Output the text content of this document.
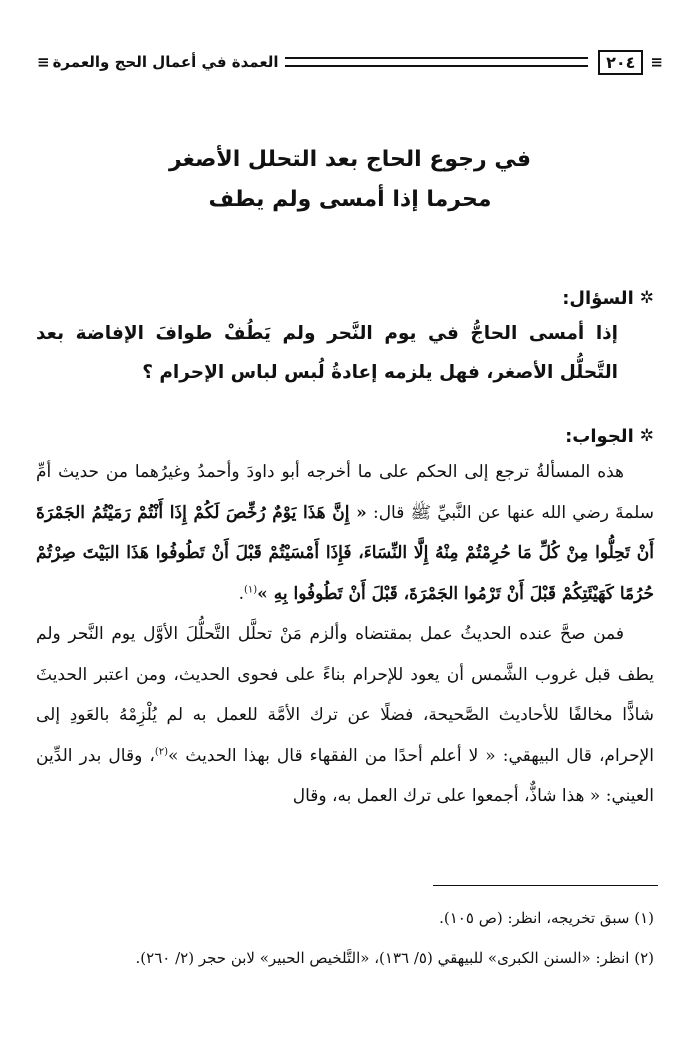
≡
٢٠٤
العمدة في أعمال الحج والعمرة
≡
في رجوع الحاج بعد التحلل الأصغر
محرما إذا أمسى ولم يطف
✲
السؤال:
إذا أمسى الحاجُّ في يوم النَّحر ولم يَطُفْ طوافَ الإفاضة بعد التَّحلُّل الأصغر، فهل يلزمه إعادةُ لُبس لباس الإحرام ؟
✲
الجواب:

هذه المسألةُ ترجع إلى الحكم على ما أخرجه أبو داودَ وأحمدُ وغيرُهما من حديث أمِّ سلمةَ رضي الله عنها عن النَّبيِّ ﷺ قال: « إِنَّ هَذَا يَوْمٌ رُخِّصَ لَكُمْ إِذَا أَنْتُمْ رَمَيْتُمُ الجَمْرَةَ أَنْ تَحِلُّوا مِنْ كُلِّ مَا حُرِمْتُمْ مِنْهُ إِلَّا النِّسَاءَ، فَإِذَا أَمْسَيْتُمْ قَبْلَ أَنْ تَطُوفُوا هَذَا البَيْتَ صِرْتُمْ حُرُمًا كَهَيْئَتِكُمْ قَبْلَ أَنْ تَرْمُوا الجَمْرَةَ، قَبْلَ أَنْ تَطُوفُوا بِهِ »$^{(١)}$.

فمن صحَّ عنده الحديثُ عمل بمقتضاه وألزم مَنْ تحلَّل التَّحلُّلَ الأوَّل يوم النَّحر ولم يطف قبل غروب الشَّمس أن يعود للإحرام بناءً على فحوى الحديث، ومن اعتبر الحديثَ شاذًّا مخالفًا للأحاديث الصَّحيحة، فضلًا عن ترك الأمَّة للعمل به لم يُلْزِمْهُ بالعَودِ إلى الإحرام، قال البيهقي: « لا أعلم أحدًا من الفقهاء قال بهذا الحديث »$^{(٢)}$، وقال بدر الدِّين العيني: « هذا شاذٌّ، أجمعوا على ترك العمل به، وقال

(١) سبق تخريجه، انظر: (ص ١٠٥).
(٢) انظر: «السنن الكبرى» للبيهقي (٥/ ١٣٦)، «التَّلخيص الحبير» لابن حجر (٢/ ٢٦٠).
